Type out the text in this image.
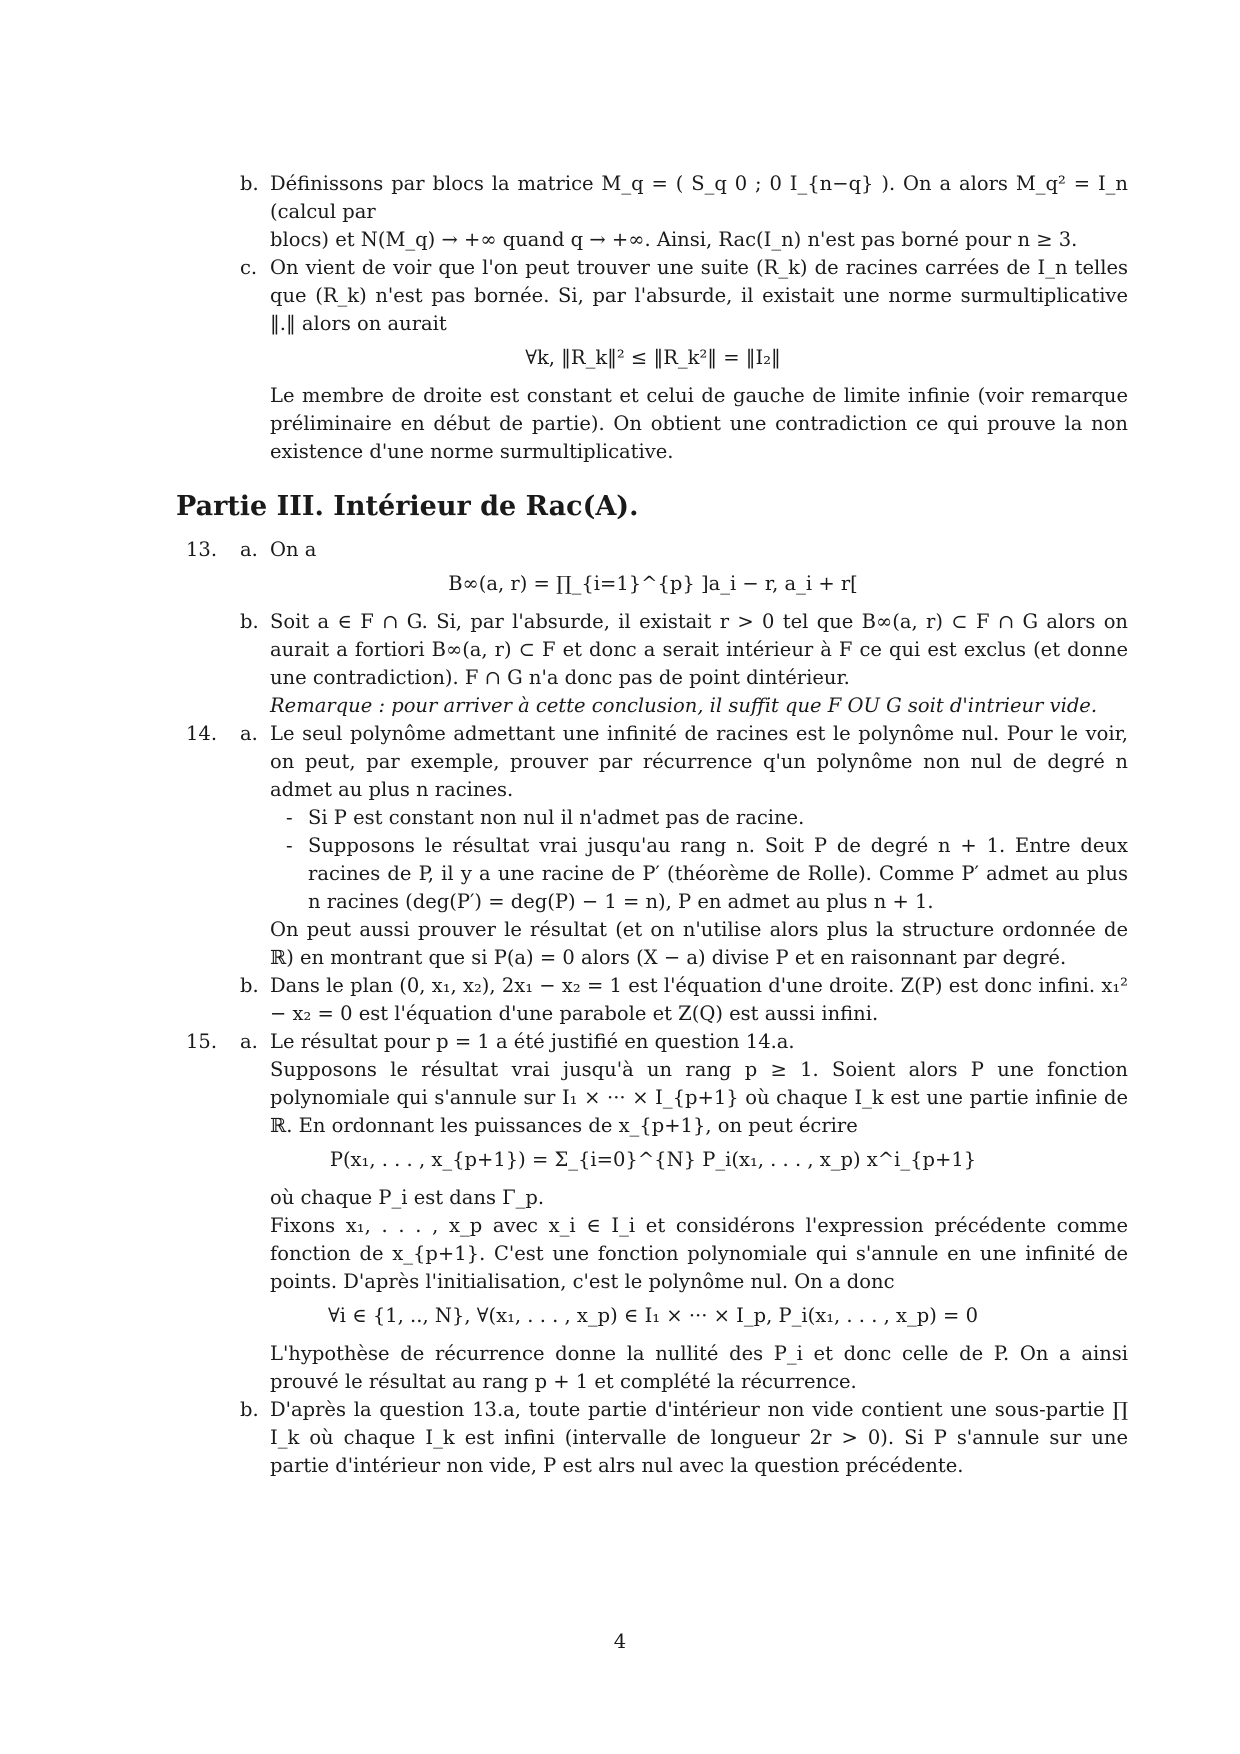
b. Définissons par blocs la matrice M_q = ( S_q 0 ; 0 I_{n−q} ). On a alors M_q² = I_n (calcul par
blocs) et N(M_q) → +∞ quand q → +∞. Ainsi, Rac(I_n) n'est pas borné pour n ≥ 3.
c. On vient de voir que l'on peut trouver une suite (R_k) de racines carrées de I_n telles que (R_k) n'est pas bornée. Si, par l'absurde, il existait une norme surmultiplicative ‖.‖ alors on aurait
∀k, ‖R_k‖² ≤ ‖R_k²‖ = ‖I₂‖
Le membre de droite est constant et celui de gauche de limite infinie (voir remarque préliminaire en début de partie). On obtient une contradiction ce qui prouve la non existence d'une norme surmultiplicative.
Partie III. Intérieur de Rac(A).
13. a. On a
B∞(a, r) = ∏_{i=1}^{p} ]a_i − r, a_i + r[
b. Soit a ∈ F ∩ G. Si, par l'absurde, il existait r > 0 tel que B∞(a, r) ⊂ F ∩ G alors on aurait a fortiori B∞(a, r) ⊂ F et donc a serait intérieur à F ce qui est exclus (et donne une contradiction). F ∩ G n'a donc pas de point dintérieur.
Remarque : pour arriver à cette conclusion, il suffit que F OU G soit d'intrieur vide.
14. a. Le seul polynôme admettant une infinité de racines est le polynôme nul. Pour le voir, on peut, par exemple, prouver par récurrence q'un polynôme non nul de degré n admet au plus n racines.
- Si P est constant non nul il n'admet pas de racine.
- Supposons le résultat vrai jusqu'au rang n. Soit P de degré n + 1. Entre deux racines de P, il y a une racine de P′ (théorème de Rolle). Comme P′ admet au plus n racines (deg(P′) = deg(P) − 1 = n), P en admet au plus n + 1.
On peut aussi prouver le résultat (et on n'utilise alors plus la structure ordonnée de ℝ) en montrant que si P(a) = 0 alors (X − a) divise P et en raisonnant par degré.
b. Dans le plan (0, x₁, x₂), 2x₁ − x₂ = 1 est l'équation d'une droite. Z(P) est donc infini. x₁² − x₂ = 0 est l'équation d'une parabole et Z(Q) est aussi infini.
15. a. Le résultat pour p = 1 a été justifié en question 14.a.
Supposons le résultat vrai jusqu'à un rang p ≥ 1. Soient alors P une fonction polynomiale qui s'annule sur I₁ × ··· × I_{p+1} où chaque I_k est une partie infinie de ℝ. En ordonnant les puissances de x_{p+1}, on peut écrire
P(x₁, . . . , x_{p+1}) = Σ_{i=0}^{N} P_i(x₁, . . . , x_p) x^i_{p+1}
où chaque P_i est dans Γ_p.
Fixons x₁, . . . , x_p avec x_i ∈ I_i et considérons l'expression précédente comme fonction de x_{p+1}. C'est une fonction polynomiale qui s'annule en une infinité de points. D'après l'initialisation, c'est le polynôme nul. On a donc
∀i ∈ {1, .., N}, ∀(x₁, . . . , x_p) ∈ I₁ × ··· × I_p, P_i(x₁, . . . , x_p) = 0
L'hypothèse de récurrence donne la nullité des P_i et donc celle de P. On a ainsi prouvé le résultat au rang p + 1 et complété la récurrence.
b. D'après la question 13.a, toute partie d'intérieur non vide contient une sous-partie ∏ I_k où chaque I_k est infini (intervalle de longueur 2r > 0). Si P s'annule sur une partie d'intérieur non vide, P est alrs nul avec la question précédente.
4
